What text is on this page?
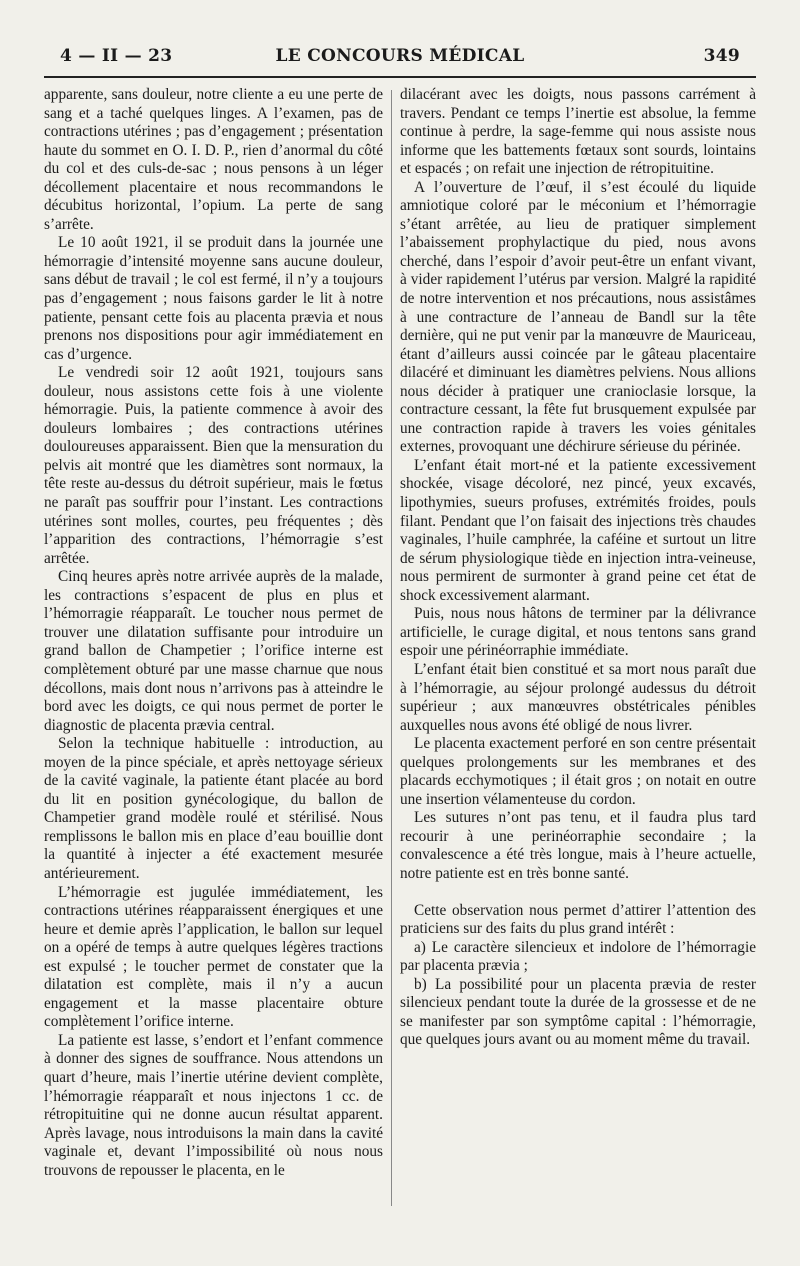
4 — II — 23	LE CONCOURS MÉDICAL	349

apparente, sans douleur, notre cliente a eu une perte de sang et a taché quelques linges. A l’examen, pas de contractions utérines ; pas d’engagement ; présentation haute du sommet en O. I. D. P., rien d’anormal du côté du col et des culs-de-sac ; nous pensons à un léger décollement placentaire et nous recommandons le décubitus horizontal, l’opium. La perte de sang s’arrête.

Le 10 août 1921, il se produit dans la journée une hémorragie d’intensité moyenne sans aucune douleur, sans début de travail ; le col est fermé, il n’y a toujours pas d’engagement ; nous faisons garder le lit à notre patiente, pensant cette fois au placenta prævia et nous prenons nos dispositions pour agir immédiatement en cas d’urgence.

Le vendredi soir 12 août 1921, toujours sans douleur, nous assistons cette fois à une violente hémorragie. Puis, la patiente commence à avoir des douleurs lombaires ; des contractions utérines douloureuses apparaissent. Bien que la mensuration du pelvis ait montré que les diamètres sont normaux, la tête reste au-dessus du détroit supérieur, mais le fœtus ne paraît pas souffrir pour l’instant. Les contractions utérines sont molles, courtes, peu fréquentes ; dès l’apparition des contractions, l’hémorragie s’est arrêtée.

Cinq heures après notre arrivée auprès de la malade, les contractions s’espacent de plus en plus et l’hémorragie réapparaît. Le toucher nous permet de trouver une dilatation suffisante pour introduire un grand ballon de Champetier ; l’orifice interne est complètement obturé par une masse charnue que nous décollons, mais dont nous n’arrivons pas à atteindre le bord avec les doigts, ce qui nous permet de porter le diagnostic de placenta prævia central.

Selon la technique habituelle : introduction, au moyen de la pince spéciale, et après nettoyage sérieux de la cavité vaginale, la patiente étant placée au bord du lit en position gynécologique, du ballon de Champetier grand modèle roulé et stérilisé. Nous remplissons le ballon mis en place d’eau bouillie dont la quantité à injecter a été exactement mesurée antérieurement.

L’hémorragie est jugulée immédiatement, les contractions utérines réapparaissent énergiques et une heure et demie après l’application, le ballon sur lequel on a opéré de temps à autre quelques légères tractions est expulsé ; le toucher permet de constater que la dilatation est complète, mais il n’y a aucun engagement et la masse placentaire obture complètement l’orifice interne.

La patiente est lasse, s’endort et l’enfant commence à donner des signes de souffrance. Nous attendons un quart d’heure, mais l’inertie utérine devient complète, l’hémorragie réapparaît et nous injectons 1 cc. de rétropituitine qui ne donne aucun résultat apparent. Après lavage, nous introduisons la main dans la cavité vaginale et, devant l’impossibilité où nous nous trouvons de repousser le placenta, en le

dilacérant avec les doigts, nous passons carrément à travers. Pendant ce temps l’inertie est absolue, la femme continue à perdre, la sage-femme qui nous assiste nous informe que les battements fœtaux sont sourds, lointains et espacés ; on refait une injection de rétropituitine.

A l’ouverture de l’œuf, il s’est écoulé du liquide amniotique coloré par le méconium et l’hémorragie s’étant arrêtée, au lieu de pratiquer simplement l’abaissement prophylactique du pied, nous avons cherché, dans l’espoir d’avoir peut-être un enfant vivant, à vider rapidement l’utérus par version. Malgré la rapidité de notre intervention et nos précautions, nous assistâmes à une contracture de l’anneau de Bandl sur la tête dernière, qui ne put venir par la manœuvre de Mauriceau, étant d’ailleurs aussi coincée par le gâteau placentaire dilacéré et diminuant les diamètres pelviens. Nous allions nous décider à pratiquer une cranioclasie lorsque, la contracture cessant, la fête fut brusquement expulsée par une contraction rapide à travers les voies génitales externes, provoquant une déchirure sérieuse du périnée.

L’enfant était mort-né et la patiente excessivement shockée, visage décoloré, nez pincé, yeux excavés, lipothymies, sueurs profuses, extrémités froides, pouls filant. Pendant que l’on faisait des injections très chaudes vaginales, l’huile camphrée, la caféine et surtout un litre de sérum physiologique tiède en injection intra-veineuse, nous permirent de surmonter à grand peine cet état de shock excessivement alarmant.

Puis, nous nous hâtons de terminer par la délivrance artificielle, le curage digital, et nous tentons sans grand espoir une périnéorraphie immédiate.

L’enfant était bien constitué et sa mort nous paraît due à l’hémorragie, au séjour prolongé audessus du détroit supérieur ; aux manœuvres obstétricales pénibles auxquelles nous avons été obligé de nous livrer.

Le placenta exactement perforé en son centre présentait quelques prolongements sur les membranes et des placards ecchymotiques ; il était gros ; on notait en outre une insertion vélamenteuse du cordon.

Les sutures n’ont pas tenu, et il faudra plus tard recourir à une perinéorraphie secondaire ; la convalescence a été très longue, mais à l’heure actuelle, notre patiente est en très bonne santé.

Cette observation nous permet d’attirer l’attention des praticiens sur des faits du plus grand intérêt :

a) Le caractère silencieux et indolore de l’hémorragie par placenta prævia ;

b) La possibilité pour un placenta prævia de rester silencieux pendant toute la durée de la grossesse et de ne se manifester par son symptôme capital : l’hémorragie, que quelques jours avant ou au moment même du travail.
